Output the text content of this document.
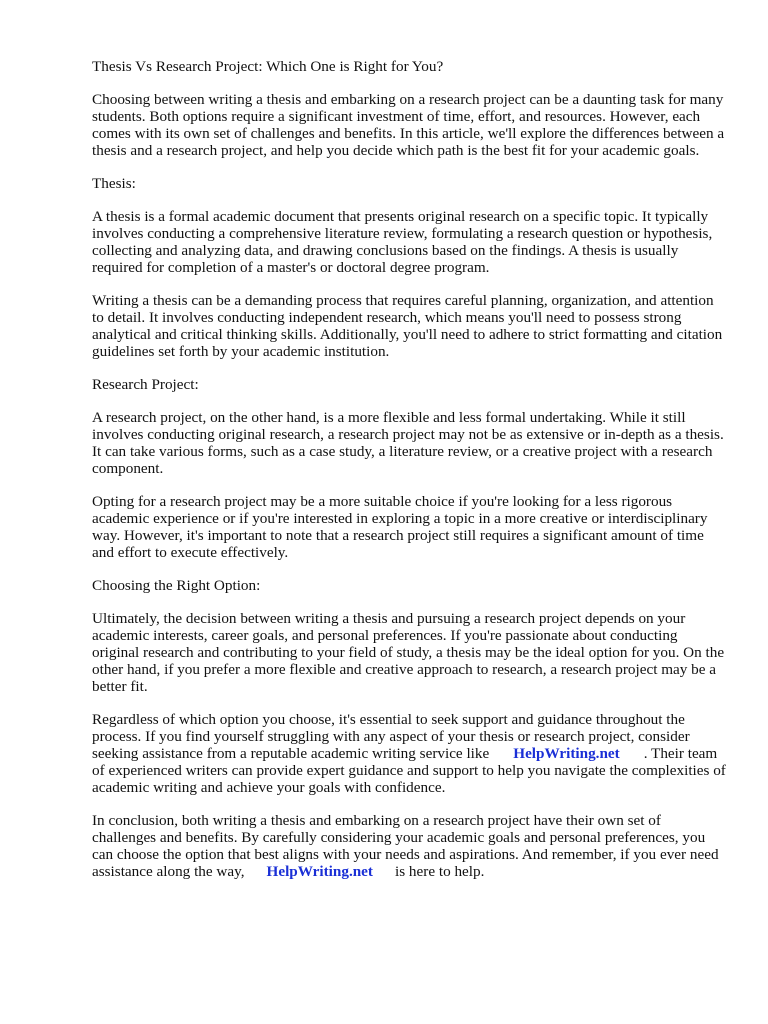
Thesis Vs Research Project: Which One is Right for You?

Choosing between writing a thesis and embarking on a research project can be a daunting task for many students. Both options require a significant investment of time, effort, and resources. However, each comes with its own set of challenges and benefits. In this article, we'll explore the differences between a thesis and a research project, and help you decide which path is the best fit for your academic goals.

Thesis:

A thesis is a formal academic document that presents original research on a specific topic. It typically involves conducting a comprehensive literature review, formulating a research question or hypothesis, collecting and analyzing data, and drawing conclusions based on the findings. A thesis is usually required for completion of a master's or doctoral degree program.

Writing a thesis can be a demanding process that requires careful planning, organization, and attention to detail. It involves conducting independent research, which means you'll need to possess strong analytical and critical thinking skills. Additionally, you'll need to adhere to strict formatting and citation guidelines set forth by your academic institution.

Research Project:

A research project, on the other hand, is a more flexible and less formal undertaking. While it still involves conducting original research, a research project may not be as extensive or in-depth as a thesis. It can take various forms, such as a case study, a literature review, or a creative project with a research component.

Opting for a research project may be a more suitable choice if you're looking for a less rigorous academic experience or if you're interested in exploring a topic in a more creative or interdisciplinary way. However, it's important to note that a research project still requires a significant amount of time and effort to execute effectively.

Choosing the Right Option:

Ultimately, the decision between writing a thesis and pursuing a research project depends on your academic interests, career goals, and personal preferences. If you're passionate about conducting original research and contributing to your field of study, a thesis may be the ideal option for you. On the other hand, if you prefer a more flexible and creative approach to research, a research project may be a better fit.

Regardless of which option you choose, it's essential to seek support and guidance throughout the process. If you find yourself struggling with any aspect of your thesis or research project, consider seeking assistance from a reputable academic writing service like HelpWriting.net . Their team of experienced writers can provide expert guidance and support to help you navigate the complexities of academic writing and achieve your goals with confidence.

In conclusion, both writing a thesis and embarking on a research project have their own set of challenges and benefits. By carefully considering your academic goals and personal preferences, you can choose the option that best aligns with your needs and aspirations. And remember, if you ever need assistance along the way, HelpWriting.net is here to help.
